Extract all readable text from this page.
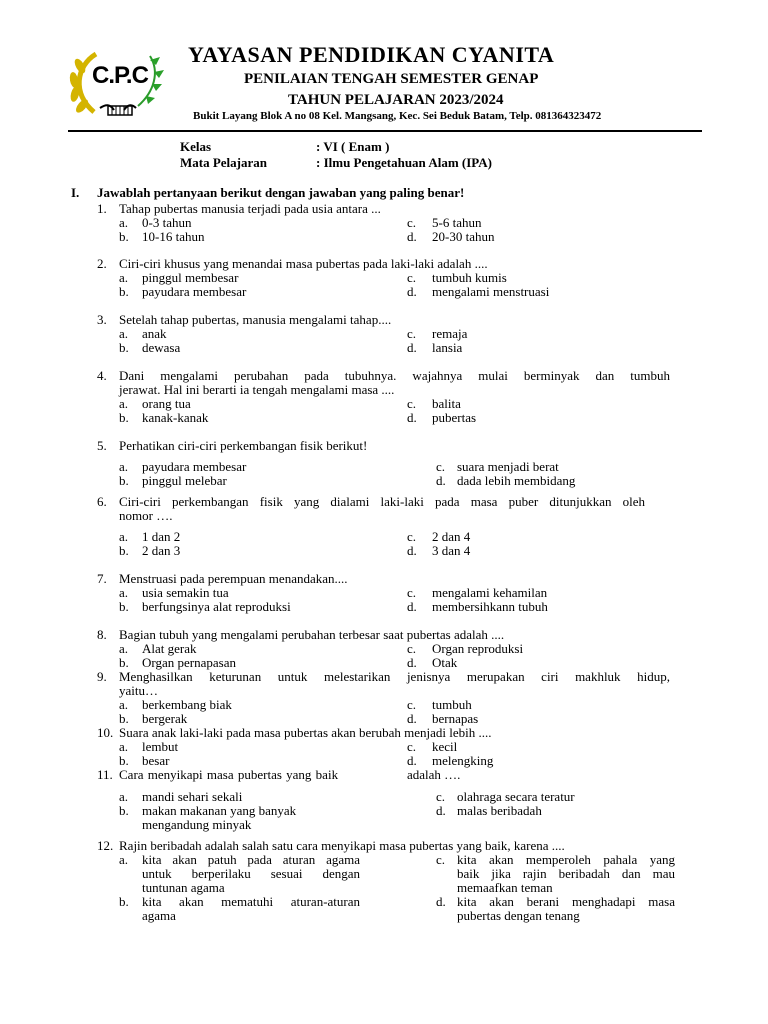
C.P.C
YAYASAN PENDIDIKAN CYANITA
PENILAIAN TENGAH SEMESTER GENAP
TAHUN PELAJARAN 2023/2024
Bukit Layang Blok A no 08 Kel. Mangsang, Kec. Sei Beduk Batam, Telp. 081364323472
Kelas	: VI ( Enam )
Mata Pelajaran	: Ilmu Pengetahuan Alam (IPA)
I. Jawablah pertanyaan berikut dengan jawaban yang paling benar!
1. Tahap pubertas manusia terjadi pada usia antara ...
a. 0-3 tahun	c. 5-6 tahun
b. 10-16 tahun	d. 20-30 tahun
2. Ciri-ciri khusus yang menandai masa pubertas pada laki-laki adalah ....
a. pinggul membesar	c. tumbuh kumis
b. payudara membesar	d. mengalami menstruasi
3. Setelah tahap pubertas, manusia mengalami tahap....
a. anak	c. remaja
b. dewasa	d. lansia
4. Dani mengalami perubahan pada tubuhnya. wajahnya mulai berminyak dan tumbuh
jerawat. Hal ini berarti ia tengah mengalami masa ....
a. orang tua	c. balita
b. kanak-kanak	d. pubertas
5. Perhatikan ciri-ciri perkembangan fisik berikut!
a. payudara membesar	c. suara menjadi berat
b. pinggul melebar	d. dada lebih membidang
6. Ciri-ciri perkembangan fisik yang dialami laki-laki pada masa puber ditunjukkan oleh
nomor ….
a. 1 dan 2	c. 2 dan 4
b. 2 dan 3	d. 3 dan 4
7. Menstruasi pada perempuan menandakan....
a. usia semakin tua	c. mengalami kehamilan
b. berfungsinya alat reproduksi	d. membersihkann tubuh
8. Bagian tubuh yang mengalami perubahan terbesar saat pubertas adalah ....
a. Alat gerak	c. Organ reproduksi
b. Organ pernapasan	d. Otak
9. Menghasilkan keturunan untuk melestarikan jenisnya merupakan ciri makhluk hidup,
yaitu…
a. berkembang biak	c. tumbuh
b. bergerak	d. bernapas
10. Suara anak laki-laki pada masa pubertas akan berubah menjadi lebih ....
a. lembut	c. kecil
b. besar	d. melengking
11. Cara menyikapi masa pubertas yang baik	adalah ….
a. mandi sehari sekali	c. olahraga secara teratur
b. makan makanan yang banyak
mengandung minyak
d. malas beribadah
12. Rajin beribadah adalah salah satu cara menyikapi masa pubertas yang baik, karena ....
a. kita akan patuh pada aturan agama
untuk berperilaku sesuai dengan
tuntunan agama
b. kita akan mematuhi aturan-aturan
agama
c. kita akan memperoleh pahala yang
baik jika rajin beribadah dan mau
memaafkan teman
d. kita akan berani menghadapi masa
pubertas dengan tenang
